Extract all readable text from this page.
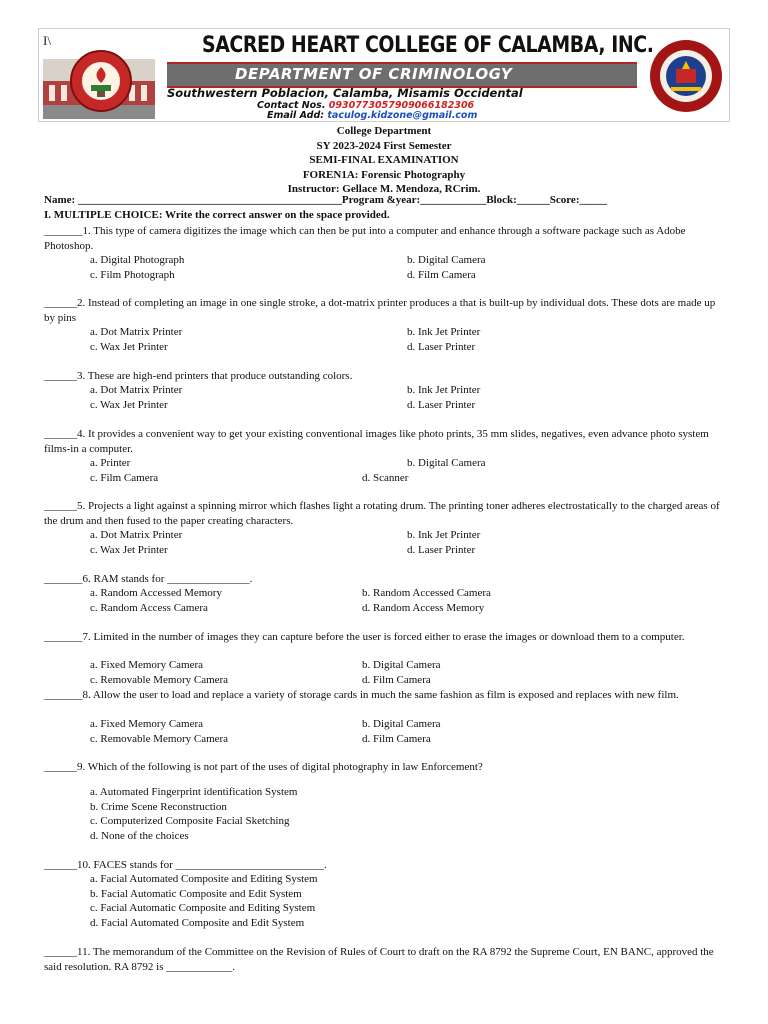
I\	SACRED HEART COLLEGE OF CALAMBA, INC.
DEPARTMENT OF CRIMINOLOGY
Southwestern Poblacion, Calamba, Misamis Occidental
Contact Nos. 0930773057909066182306
Email Add: taculog.kidzone@gmail.com
College Department
SY 2023-2024 First Semester
SEMI-FINAL EXAMINATION
FOREN1A: Forensic Photography
Instructor: Gellace M. Mendoza, RCrim.
Name: ________________________________________________Program &year:____________Block:______Score:_____
I. MULTIPLE CHOICE: Write the correct answer on the space provided.
_______1. This type of camera digitizes the image which can then be put into a computer and enhance through a software package such as Adobe Photoshop.
a. Digital Photograph	b. Digital Camera
c. Film Photograph	d. Film Camera
______2. Instead of completing an image in one single stroke, a dot-matrix printer produces a that is built-up by individual dots. These dots are made up by pins
a. Dot Matrix Printer	b. Ink Jet Printer
c. Wax Jet Printer	d. Laser Printer
______3. These are high-end printers that produce outstanding colors.
a. Dot Matrix Printer	b. Ink Jet Printer
c. Wax Jet Printer	d. Laser Printer
______4. It provides a convenient way to get your existing conventional images like photo prints, 35 mm slides, negatives, even advance photo system films-in a computer.
a. Printer	b. Digital Camera
c. Film Camera	d. Scanner
______5. Projects a light against a spinning mirror which flashes light a rotating drum. The printing toner adheres electrostatically to the charged areas of the drum and then fused to the paper creating characters.
a. Dot Matrix Printer	b. Ink Jet Printer
c. Wax Jet Printer	d. Laser Printer
_______6. RAM stands for _______________.
a. Random Accessed Memory	b. Random Accessed Camera
c. Random Access Camera	d. Random Access Memory
_______7. Limited in the number of images they can capture before the user is forced either to erase the images or download them to a computer.
a. Fixed Memory Camera	b. Digital Camera
c. Removable Memory Camera	d. Film Camera
_______8. Allow the user to load and replace a variety of storage cards in much the same fashion as film is exposed and replaces with new film.
a. Fixed Memory Camera	b. Digital Camera
c. Removable Memory Camera	d. Film Camera
______9. Which of the following is not part of the uses of digital photography in law Enforcement?
a. Automated Fingerprint identification System
b. Crime Scene Reconstruction
c. Computerized Composite Facial Sketching
d. None of the choices
______10. FACES stands for ___________________________.
a. Facial Automated Composite and Editing System
b. Facial Automatic Composite and Edit System
c. Facial Automatic Composite and Editing System
d. Facial Automated Composite and Edit System
______11. The memorandum of the Committee on the Revision of Rules of Court to draft on the RA 8792 the Supreme Court, EN BANC, approved the said resolution. RA 8792 is ____________.
